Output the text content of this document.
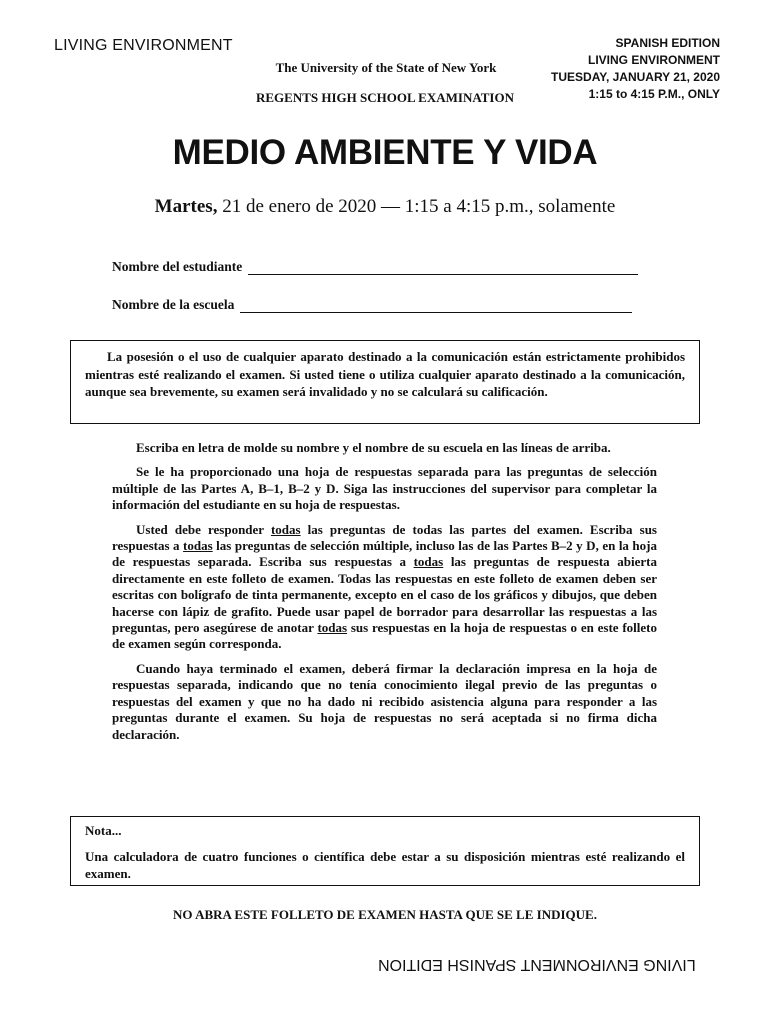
LIVING ENVIRONMENT
The University of the State of New York
REGENTS HIGH SCHOOL EXAMINATION
SPANISH EDITION
LIVING ENVIRONMENT
TUESDAY, JANUARY 21, 2020
1:15 to 4:15 P.M., ONLY
MEDIO AMBIENTE Y VIDA
Martes, 21 de enero de 2020 — 1:15 a 4:15 p.m., solamente
Nombre del estudiante
Nombre de la escuela

La posesión o el uso de cualquier aparato destinado a la comunicación están estrictamente prohibidos mientras esté realizando el examen. Si usted tiene o utiliza cualquier aparato destinado a la comunicación, aunque sea brevemente, su examen será invalidado y no se calculará su calificación.

Escriba en letra de molde su nombre y el nombre de su escuela en las líneas de arriba.

Se le ha proporcionado una hoja de respuestas separada para las preguntas de selección múltiple de las Partes A, B–1, B–2 y D. Siga las instrucciones del supervisor para completar la información del estudiante en su hoja de respuestas.

Usted debe responder todas las preguntas de todas las partes del examen. Escriba sus respuestas a todas las preguntas de selección múltiple, incluso las de las Partes B–2 y D, en la hoja de respuestas separada. Escriba sus respuestas a todas las preguntas de respuesta abierta directamente en este folleto de examen. Todas las respuestas en este folleto de examen deben ser escritas con bolígrafo de tinta permanente, excepto en el caso de los gráficos y dibujos, que deben hacerse con lápiz de grafito. Puede usar papel de borrador para desarrollar las respuestas a las preguntas, pero asegúrese de anotar todas sus respuestas en la hoja de respuestas o en este folleto de examen según corresponda.

Cuando haya terminado el examen, deberá firmar la declaración impresa en la hoja de respuestas separada, indicando que no tenía conocimiento ilegal previo de las preguntas o respuestas del examen y que no ha dado ni recibido asistencia alguna para responder a las preguntas durante el examen. Su hoja de respuestas no será aceptada si no firma dicha declaración.

Nota...

Una calculadora de cuatro funciones o científica debe estar a su disposición mientras esté realizando el examen.

NO ABRA ESTE FOLLETO DE EXAMEN HASTA QUE SE LE INDIQUE.
LIVING ENVIRONMENT SPANISH EDITION
